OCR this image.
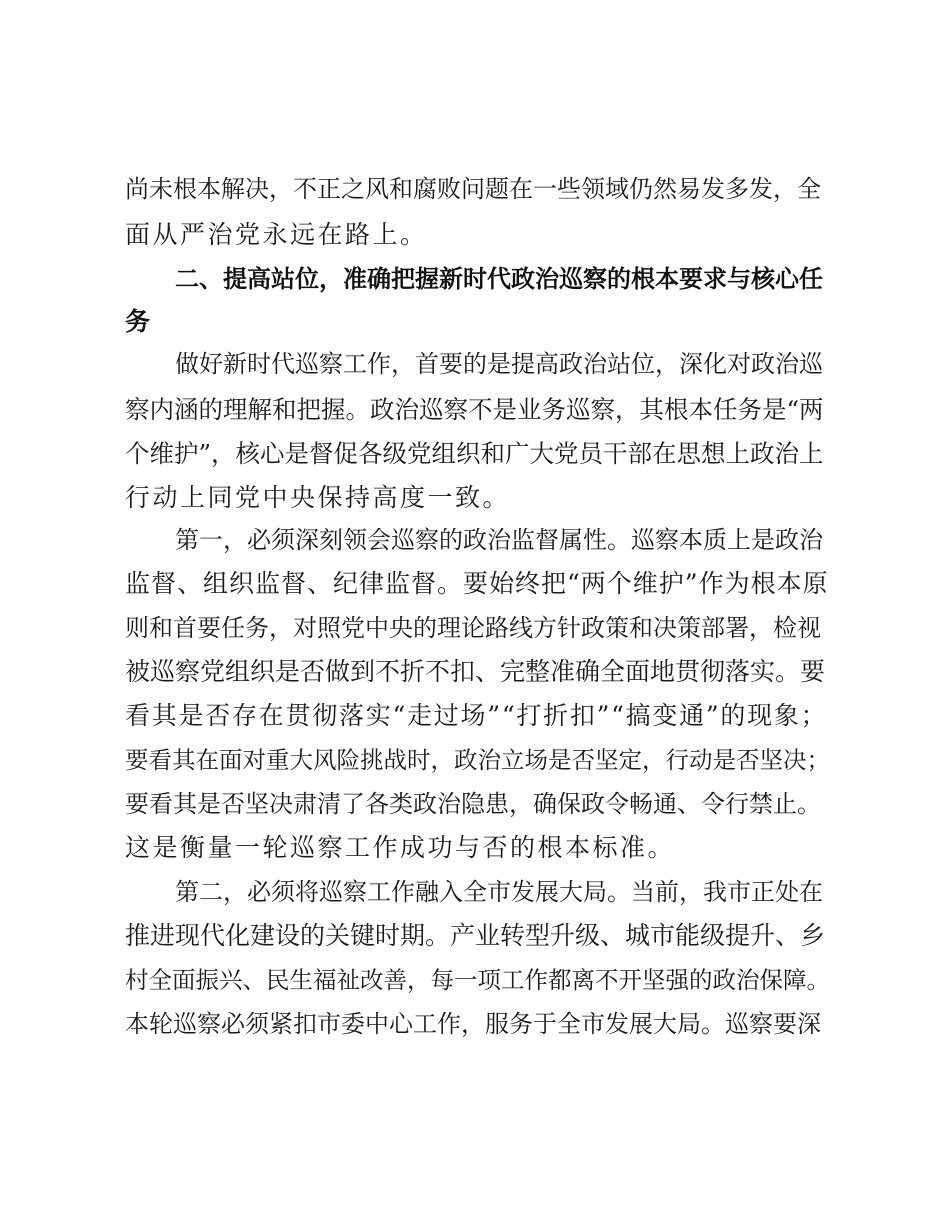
尚未根本解决，不正之风和腐败问题在一些领域仍然易发多发，全

面从严治党永远在路上。

二、提高站位，准确把握新时代政治巡察的根本要求与核心任

务

做好新时代巡察工作，首要的是提高政治站位，深化对政治巡

察内涵的理解和把握。政治巡察不是业务巡察，其根本任务是“两

个维护”，核心是督促各级党组织和广大党员干部在思想上政治上

行动上同党中央保持高度一致。

第一，必须深刻领会巡察的政治监督属性。巡察本质上是政治

监督、组织监督、纪律监督。要始终把“两个维护”作为根本原

则和首要任务，对照党中央的理论路线方针政策和决策部署，检视

被巡察党组织是否做到不折不扣、完整准确全面地贯彻落实。要

看其是否存在贯彻落实“走过场”“打折扣”“搞变通”的现象；

要看其在面对重大风险挑战时，政治立场是否坚定，行动是否坚决；

要看其是否坚决肃清了各类政治隐患，确保政令畅通、令行禁止。

这是衡量一轮巡察工作成功与否的根本标准。

第二，必须将巡察工作融入全市发展大局。当前，我市正处在

推进现代化建设的关键时期。产业转型升级、城市能级提升、乡

村全面振兴、民生福祉改善，每一项工作都离不开坚强的政治保障。

本轮巡察必须紧扣市委中心工作，服务于全市发展大局。巡察要深
